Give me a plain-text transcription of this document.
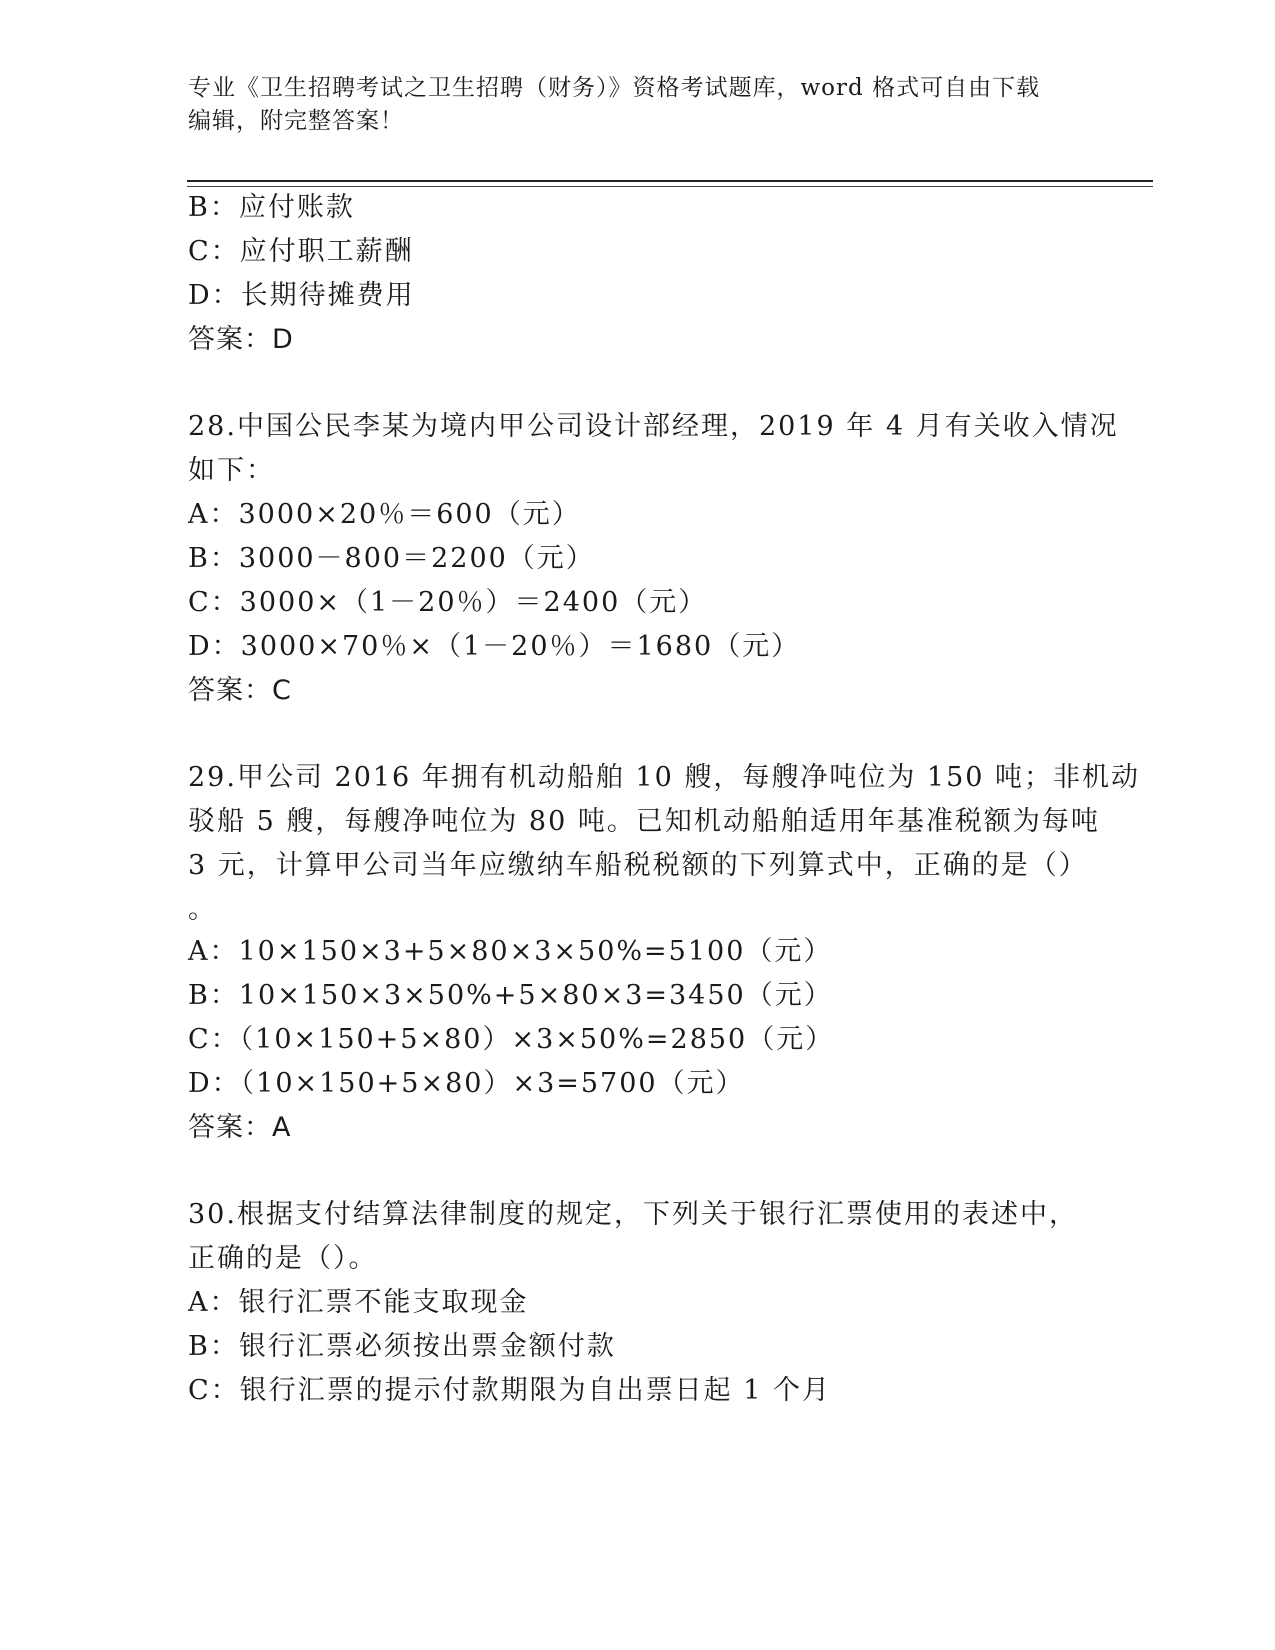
专业《卫生招聘考试之卫生招聘（财务）》资格考试题库，word 格式可自由下载
编辑，附完整答案！
B：应付账款
C：应付职工薪酬
D：长期待摊费用
答案：D
28.中国公民李某为境内甲公司设计部经理，2019 年 4 月有关收入情况
如下：
A：3000×20％＝600（元）
B：3000－800＝2200（元）
C：3000×（1－20％）＝2400（元）
D：3000×70％×（1－20％）＝1680（元）
答案：C
29.甲公司 2016 年拥有机动船舶 10 艘，每艘净吨位为 150 吨；非机动
驳船 5 艘，每艘净吨位为 80 吨。已知机动船舶适用年基准税额为每吨
3 元，计算甲公司当年应缴纳车船税税额的下列算式中，正确的是（）
。
A：10×150×3+5×80×3×50%=5100（元）
B：10×150×3×50%+5×80×3=3450（元）
C：（10×150+5×80）×3×50%=2850（元）
D：（10×150+5×80）×3=5700（元）
答案：A
30.根据支付结算法律制度的规定，下列关于银行汇票使用的表述中，
正确的是（）。
A：银行汇票不能支取现金
B：银行汇票必须按出票金额付款
C：银行汇票的提示付款期限为自出票日起 1 个月
